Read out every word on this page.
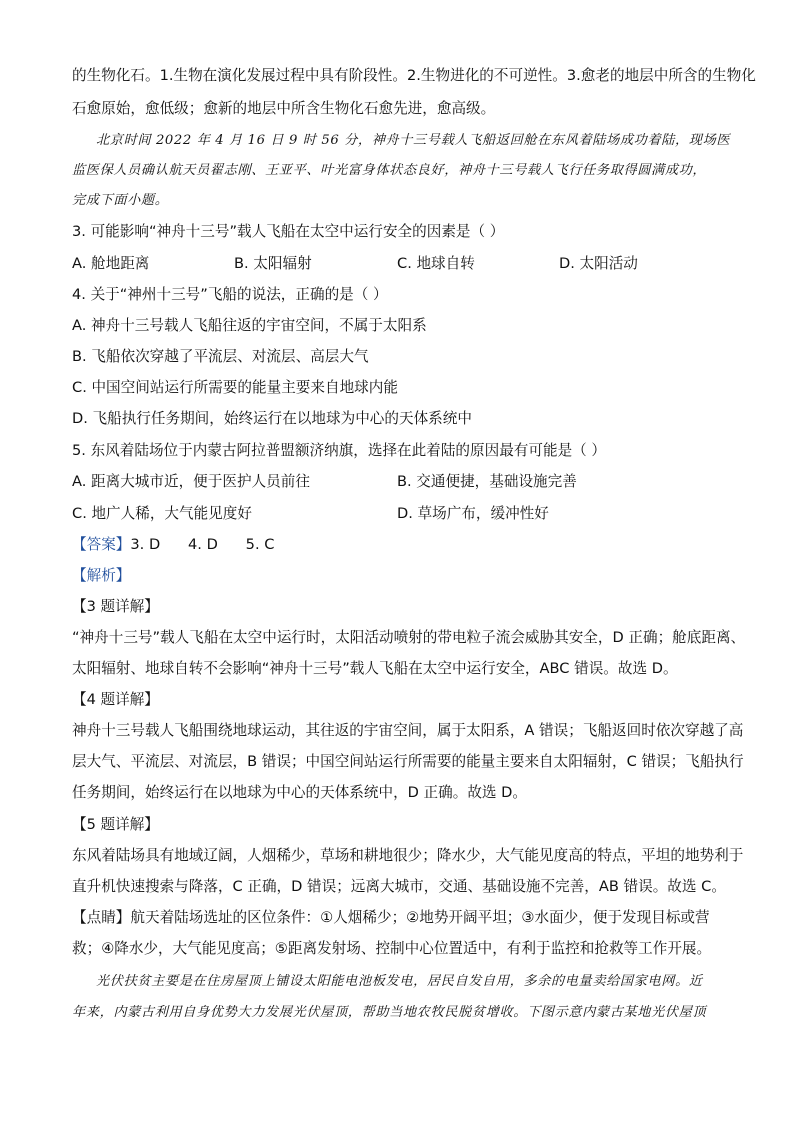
的生物化石。1.生物在演化发展过程中具有阶段性。2.生物进化的不可逆性。3.愈老的地层中所含的生物化
石愈原始，愈低级；愈新的地层中所含生物化石愈先进，愈高级。
北京时间 2022 年 4 月 16 日 9 时 56 分，神舟十三号载人飞船返回舱在东风着陆场成功着陆，现场医
监医保人员确认航天员翟志刚、王亚平、叶光富身体状态良好，神舟十三号载人飞行任务取得圆满成功，
完成下面小题。
3. 可能影响“神舟十三号”载人飞船在太空中运行安全的因素是（ ）
A. 舱地距离	B. 太阳辐射	C. 地球自转	D. 太阳活动
4. 关于“神州十三号”飞船的说法，正确的是（ ）
A. 神舟十三号载人飞船往返的宇宙空间，不属于太阳系
B. 飞船依次穿越了平流层、对流层、高层大气
C. 中国空间站运行所需要的能量主要来自地球内能
D. 飞船执行任务期间，始终运行在以地球为中心的天体系统中
5. 东风着陆场位于内蒙古阿拉普盟额济纳旗，选择在此着陆的原因最有可能是（ ）
A. 距离大城市近，便于医护人员前往	B. 交通便捷，基础设施完善
C. 地广人稀，大气能见度好	D. 草场广布，缓冲性好
【答案】3. D      4. D      5. C
【解析】
【3 题详解】
“神舟十三号”载人飞船在太空中运行时，太阳活动喷射的带电粒子流会威胁其安全，D 正确；舱底距离、
太阳辐射、地球自转不会影响“神舟十三号”载人飞船在太空中运行安全，ABC 错误。故选 D。
【4 题详解】
神舟十三号载人飞船围绕地球运动，其往返的宇宙空间，属于太阳系，A 错误；飞船返回时依次穿越了高
层大气、平流层、对流层，B 错误；中国空间站运行所需要的能量主要来自太阳辐射，C 错误；飞船执行
任务期间，始终运行在以地球为中心的天体系统中，D 正确。故选 D。
【5 题详解】
东风着陆场具有地域辽阔，人烟稀少，草场和耕地很少；降水少，大气能见度高的特点，平坦的地势利于
直升机快速搜索与降落，C 正确，D 错误；远离大城市，交通、基础设施不完善，AB 错误。故选 C。
【点睛】航天着陆场选址的区位条件：①人烟稀少；②地势开阔平坦；③水面少，便于发现目标或营
救；④降水少，大气能见度高；⑤距离发射场、控制中心位置适中，有利于监控和抢救等工作开展。
光伏扶贫主要是在住房屋顶上铺设太阳能电池板发电，居民自发自用，多余的电量卖给国家电网。近
年来，内蒙古利用自身优势大力发展光伏屋顶，帮助当地农牧民脱贫增收。下图示意内蒙古某地光伏屋顶
